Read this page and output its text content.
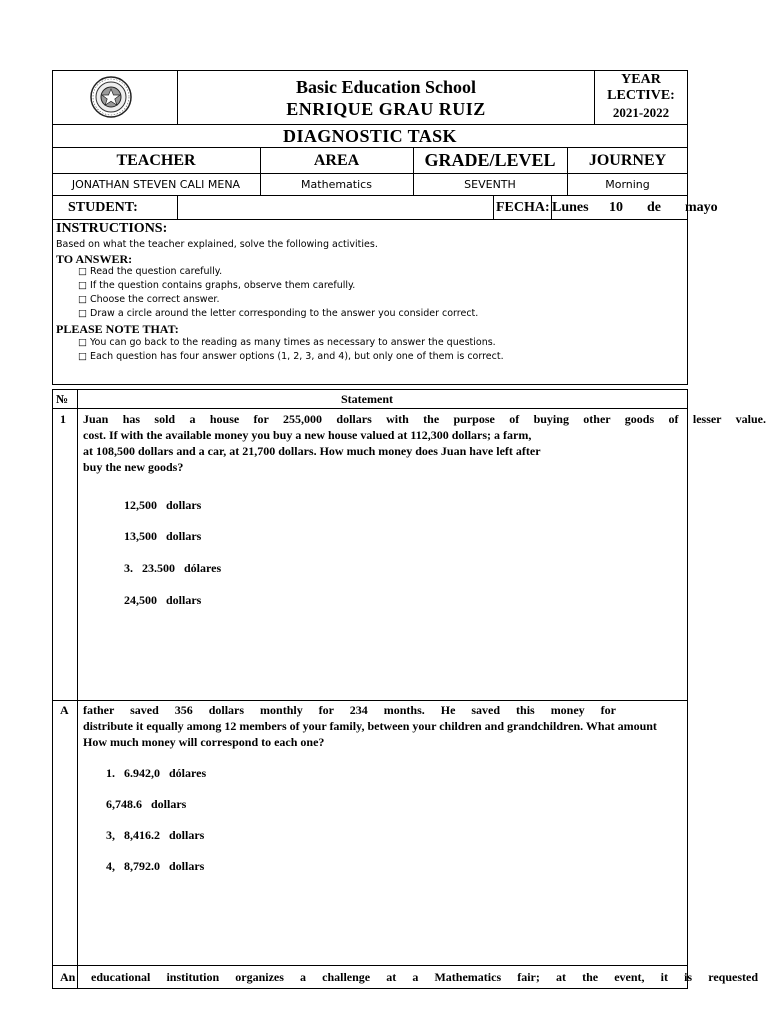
Basic Education School
ENRIQUE GRAU RUIZ
YEAR
LECTIVE:
2021-2022
DIAGNOSTIC TASK
TEACHER	AREA	GRADE/LEVEL	JOURNEY
JONATHAN STEVEN CALI MENA	Mathematics	SEVENTH	Morning
STUDENT:	FECHA: Lunes 10 de mayo
INSTRUCTIONS:
Based on what the teacher explained, solve the following activities.
TO ANSWER:
□ Read the question carefully.
□ If the question contains graphs, observe them carefully.
□ Choose the correct answer.
□ Draw a circle around the letter corresponding to the answer you consider correct.
PLEASE NOTE THAT:
□ You can go back to the reading as many times as necessary to answer the questions.
□ Each question has four answer options (1, 2, 3, and 4), but only one of them is correct.
№	Statement
1 Juan has sold a house for 255,000 dollars with the purpose of buying other goods of lesser value.
cost. If with the available money you buy a new house valued at 112,300 dollars; a farm,
at 108,500 dollars and a car, at 21,700 dollars. How much money does Juan have left after
buy the new goods?
12,500   dollars
13,500   dollars
3.   23.500   dólares
24,500   dollars
A father saved 356 dollars monthly for 234 months. He saved this money for
distribute it equally among 12 members of your family, between your children and grandchildren. What amount
How much money will correspond to each one?
1.   6.942,0   dólares
6,748.6   dollars
3,   8,416.2   dollars
4,   8,792.0   dollars
An educational institution organizes a challenge at a Mathematics fair; at the event, it is requested
